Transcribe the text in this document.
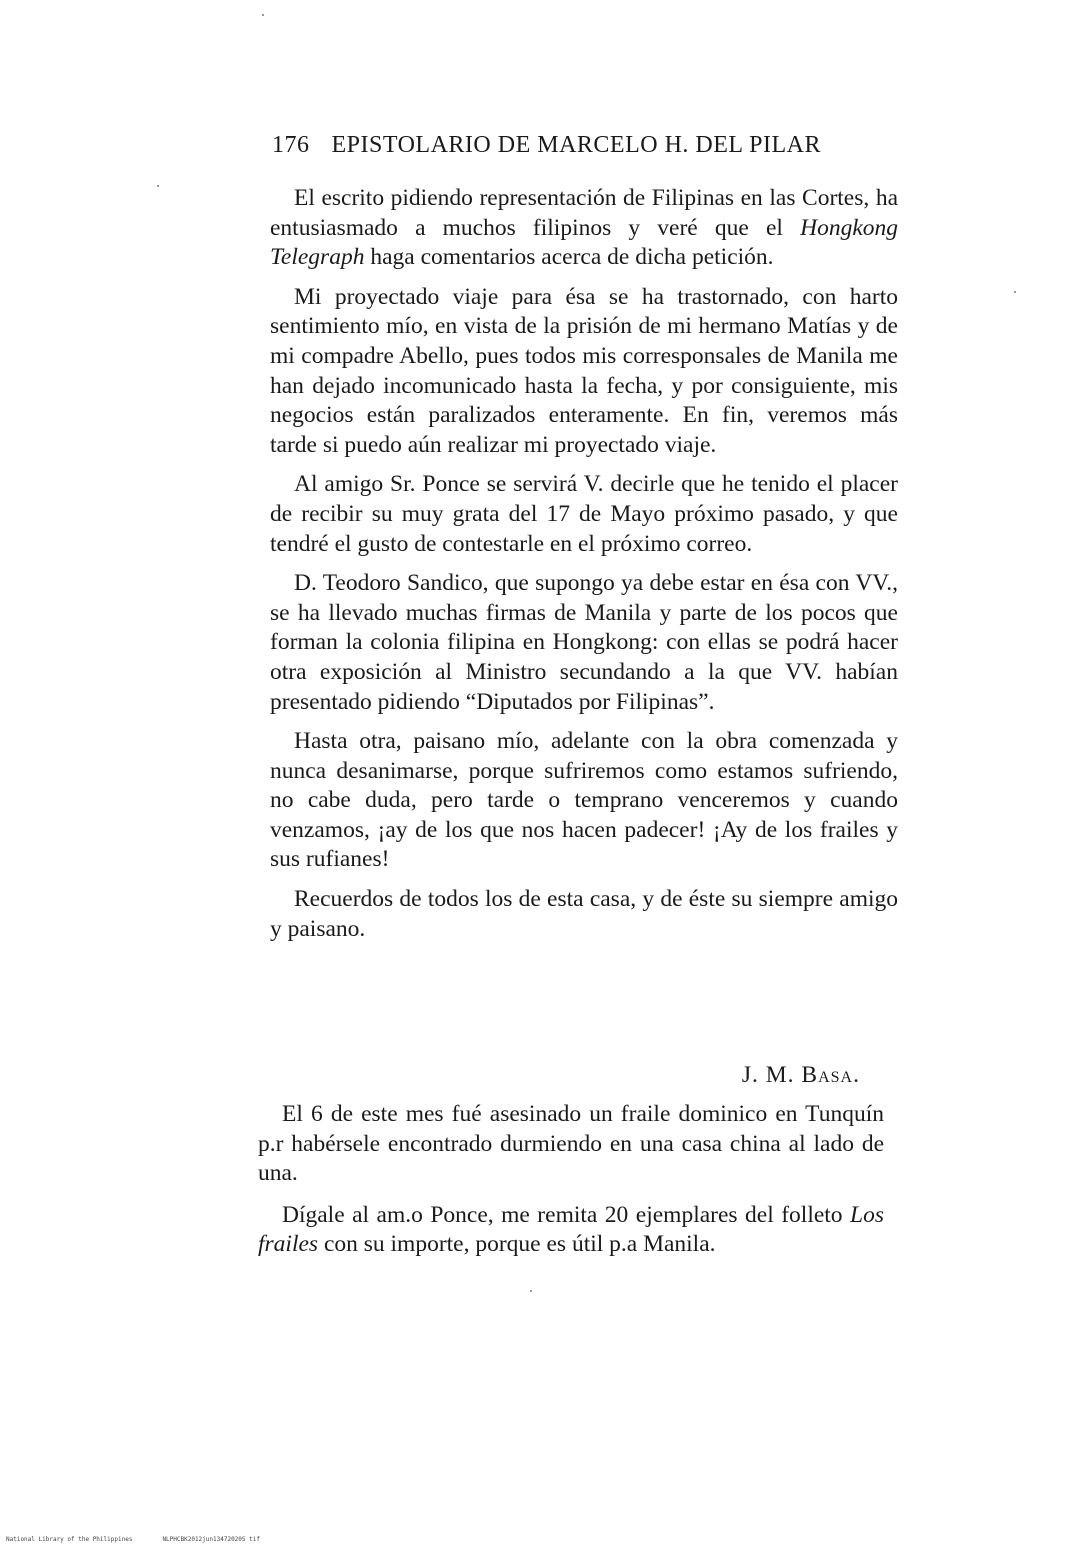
176 EPISTOLARIO DE MARCELO H. DEL PILAR

El escrito pidiendo representación de Filipinas en las Cortes, ha entusiasmado a muchos filipinos y veré que el Hongkong Telegraph haga comentarios acerca de dicha petición.

Mi proyectado viaje para ésa se ha trastornado, con harto sentimiento mío, en vista de la prisión de mi hermano Matías y de mi compadre Abello, pues todos mis corresponsales de Manila me han dejado incomunicado hasta la fecha, y por consiguiente, mis negocios están paralizados enteramente. En fin, veremos más tarde si puedo aún realizar mi proyectado viaje.

Al amigo Sr. Ponce se servirá V. decirle que he tenido el placer de recibir su muy grata del 17 de Mayo próximo pasado, y que tendré el gusto de contestarle en el próximo correo.

D. Teodoro Sandico, que supongo ya debe estar en ésa con VV., se ha llevado muchas firmas de Manila y parte de los pocos que forman la colonia filipina en Hongkong: con ellas se podrá hacer otra exposición al Ministro secundando a la que VV. habían presentado pidiendo “Diputados por Filipinas”.

Hasta otra, paisano mío, adelante con la obra comenzada y nunca desanimarse, porque sufriremos como estamos sufriendo, no cabe duda, pero tarde o temprano venceremos y cuando venzamos, ¡ay de los que nos hacen padecer! ¡Ay de los frailes y sus rufianes!

Recuerdos de todos los de esta casa, y de éste su siempre amigo y paisano.

J. M. Basa.

El 6 de este mes fué asesinado un fraile dominico en Tunquín p.r habérsele encontrado durmiendo en una casa china al lado de una.

Dígale al am.o Ponce, me remita 20 ejemplares del folleto Los frailes con su importe, porque es útil p.a Manila.

National Library of the Philippines	NLPHCBK2012jun13472020S tif
